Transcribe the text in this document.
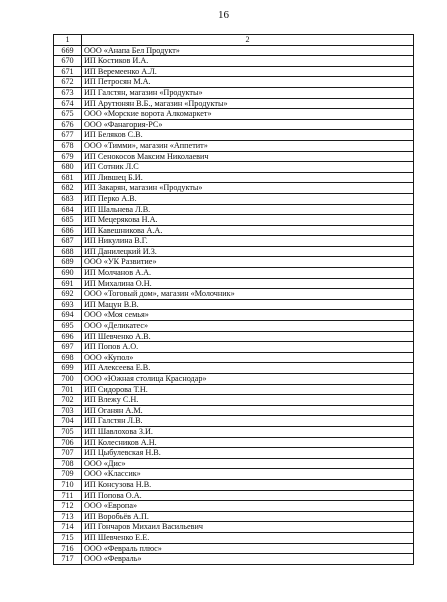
16
1	2
669	ООО «Анапа Бел Продукт»
670	ИП Костиков И.А.
671	ИП Веремеенко А.Л.
672	ИП Петросян М.А.
673	ИП Галстян, магазин «Продукты»
674	ИП Арутюнян В.Б., магазин «Продукты»
675	ООО «Морские ворота Алкомаркет»
676	ООО «Фанагория-РС»
677	ИП Беляков С.В.
678	ООО «Тимми», магазин «Аппетит»
679	ИП Сенокосов Максим Николаевич
680	ИП Сотник Л.С
681	ИП Лившец Б.И.
682	ИП Закарян, магазин «Продукты»
683	ИП Перко А.В.
684	ИП Шальнева Л.В.
685	ИП Мецерякова Н.А.
686	ИП Кавешникова А.А.
687	ИП Никулина В.Г.
688	ИП Данилецкий И.З.
689	ООО «УК Развитие»
690	ИП Молчанов А.А.
691	ИП Михалина О.Н.
692	ООО «Тоговый дом», магазин «Молочник»
693	ИП Мацун В.В.
694	ООО «Моя семья»
695	ООО «Деликатес»
696	ИП Шевченко А.В.
697	ИП Попов А.О.
698	ООО «Купол»
699	ИП Алексеева Е.В.
700	ООО «Южная столица Краснодар»
701	ИП Сидорова Т.Н.
702	ИП Влежу С.Н.
703	ИП Оганян А.М.
704	ИП Галстян Л.В.
705	ИП Шавлохова З.И.
706	ИП Колесников А.Н.
707	ИП Цыбулевская Н.В.
708	ООО «Дис»
709	ООО «Классик»
710	ИП Консузова Н.В.
711	ИП Попова О.А.
712	ООО «Европа»
713	ИП Воробьёв А.П.
714	ИП Гончаров Михаил Васильевич
715	ИП Шевченко Е.Е.
716	ООО «Февраль плюс»
717	ООО «Февраль»
